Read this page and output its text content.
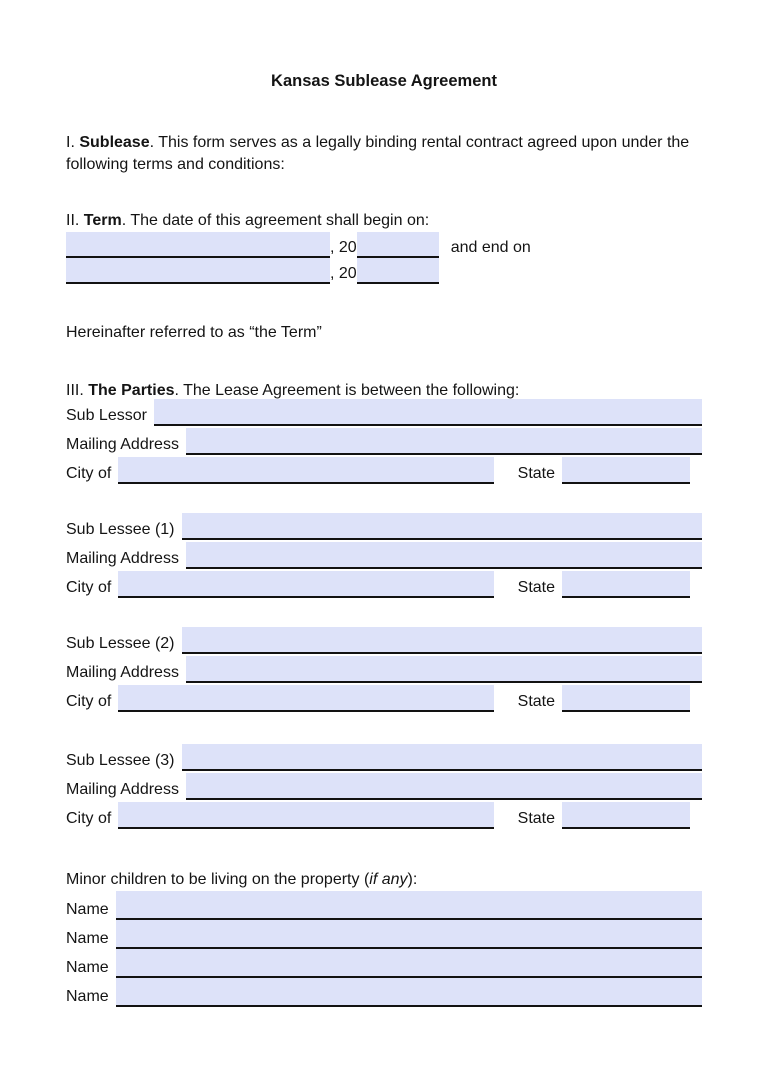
Kansas Sublease Agreement
I. Sublease. This form serves as a legally binding rental contract agreed upon under the following terms and conditions:
II. Term. The date of this agreement shall begin on:
, 20	and end on
, 20
Hereinafter referred to as “the Term”
III. The Parties. The Lease Agreement is between the following:
Sub Lessor
Mailing Address
City of	State
Sub Lessee (1)
Mailing Address
City of	State
Sub Lessee (2)
Mailing Address
City of	State
Sub Lessee (3)
Mailing Address
City of	State
Minor children to be living on the property (if any):
Name
Name
Name
Name
